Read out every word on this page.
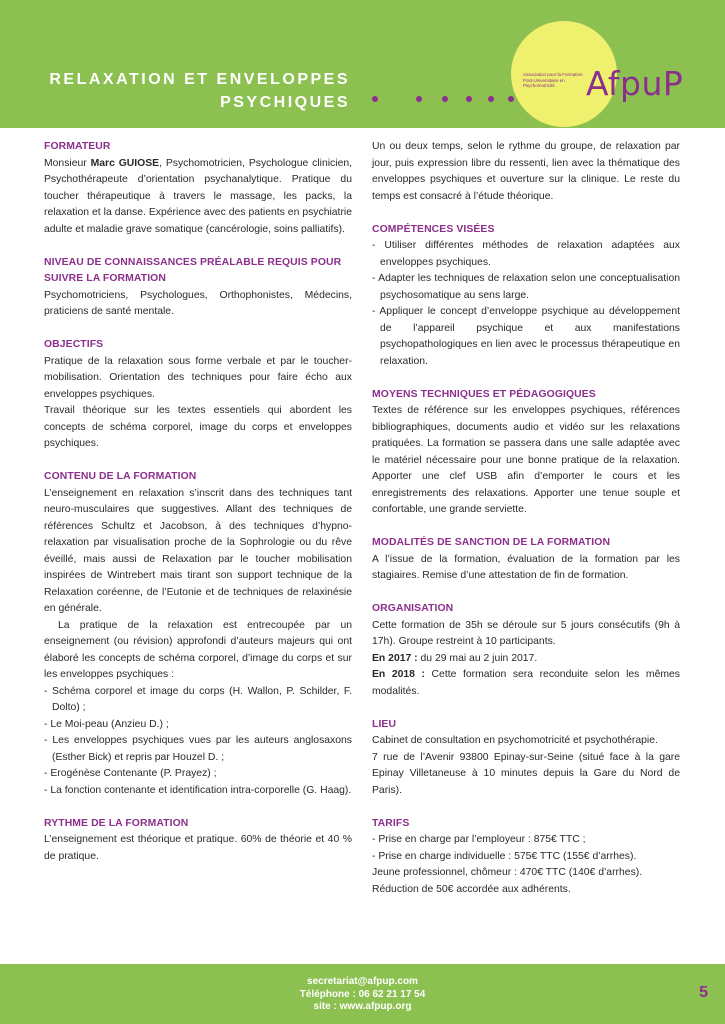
RELAXATION ET ENVELOPPES
PSYCHIQUES
Association pour la Formation Post-Universitaire en Psychomotricité AfpuP
FORMATEUR

Monsieur Marc GUIOSE, Psychomotricien, Psychologue clinicien, Psychothérapeute d’orientation psychanalytique. Pratique du toucher thérapeutique à travers le massage, les packs, la relaxation et la danse. Expérience avec des patients en psychiatrie adulte et maladie grave somatique (cancérologie, soins palliatifs).

NIVEAU DE CONNAISSANCES PRÉALABLE REQUIS POUR SUIVRE LA FORMATION

Psychomotriciens, Psychologues, Orthophonistes, Médecins, praticiens de santé mentale.

OBJECTIFS

Pratique de la relaxation sous forme verbale et par le toucher-mobilisation. Orientation des techniques pour faire écho aux enveloppes psychiques.

Travail théorique sur les textes essentiels qui abordent les concepts de schéma corporel, image du corps et enveloppes psychiques.

CONTENU DE LA FORMATION

L’enseignement en relaxation s’inscrit dans des techniques tant neuro-musculaires que suggestives. Allant des techniques de références Schultz et Jacobson, à des techniques d’hypno-relaxation par visualisation proche de la Sophrologie ou du rêve éveillé, mais aussi de Relaxation par le toucher mobilisation inspirées de Wintrebert mais tirant son support technique de la Relaxation coréenne, de l’Eutonie et de techniques de relaxinésie en générale.

La pratique de la relaxation est entrecoupée par un enseignement (ou révision) approfondi d’auteurs majeurs qui ont élaboré les concepts de schéma corporel, d’image du corps et sur les enveloppes psychiques :

- Schéma corporel et image du corps (H. Wallon, P. Schilder, F. Dolto) ;
- Le Moi-peau (Anzieu D.) ;
- Les enveloppes psychiques vues par les auteurs anglosaxons (Esther Bick) et repris par Houzel D. ;
- Erogénèse Contenante (P. Prayez) ;
- La fonction contenante et identification intra-corporelle (G. Haag).
RYTHME DE LA FORMATION

L’enseignement est théorique et pratique. 60% de théorie et 40 % de pratique.

Un ou deux temps, selon le rythme du groupe, de relaxation par jour, puis expression libre du ressenti, lien avec la thématique des enveloppes psychiques et ouverture sur la clinique. Le reste du temps est consacré à l’étude théorique.

COMPÉTENCES VISÉES
- Utiliser différentes méthodes de relaxation adaptées aux enveloppes psychiques.
- Adapter les techniques de relaxation selon une conceptualisation psychosomatique au sens large.
- Appliquer le concept d’enveloppe psychique au développement de l’appareil psychique et aux manifestations psychopathologiques en lien avec le processus thérapeutique en relaxation.
MOYENS TECHNIQUES ET PÉDAGOGIQUES

Textes de référence sur les enveloppes psychiques, références bibliographiques, documents audio et vidéo sur les relaxations pratiquées. La formation se passera dans une salle adaptée avec le matériel nécessaire pour une bonne pratique de la relaxation. Apporter une clef USB afin d’emporter le cours et les enregistrements des relaxations. Apporter une tenue souple et confortable, une grande serviette.

MODALITÉS DE SANCTION DE LA FORMATION

A l’issue de la formation, évaluation de la formation par les stagiaires. Remise d’une attestation de fin de formation.

ORGANISATION

Cette formation de 35h se déroule sur 5 jours consécutifs (9h à 17h). Groupe restreint à 10 participants.

En 2017 : du 29 mai au 2 juin 2017.

En 2018 : Cette formation sera reconduite selon les mêmes modalités.

LIEU

Cabinet de consultation en psychomotricité et psychothérapie.

7 rue de l’Avenir 93800 Epinay-sur-Seine (situé face à la gare Epinay Villetaneuse à 10 minutes depuis la Gare du Nord de Paris).

TARIFS

- Prise en charge par l’employeur : 875€ TTC ;

- Prise en charge individuelle : 575€ TTC (155€ d’arrhes).

Jeune professionnel, chômeur : 470€ TTC (140€ d’arrhes).

Réduction de 50€ accordée aux adhérents.

secretariat@afpup.com
Téléphone : 06 62 21 17 54
site : www.afpup.org
5
